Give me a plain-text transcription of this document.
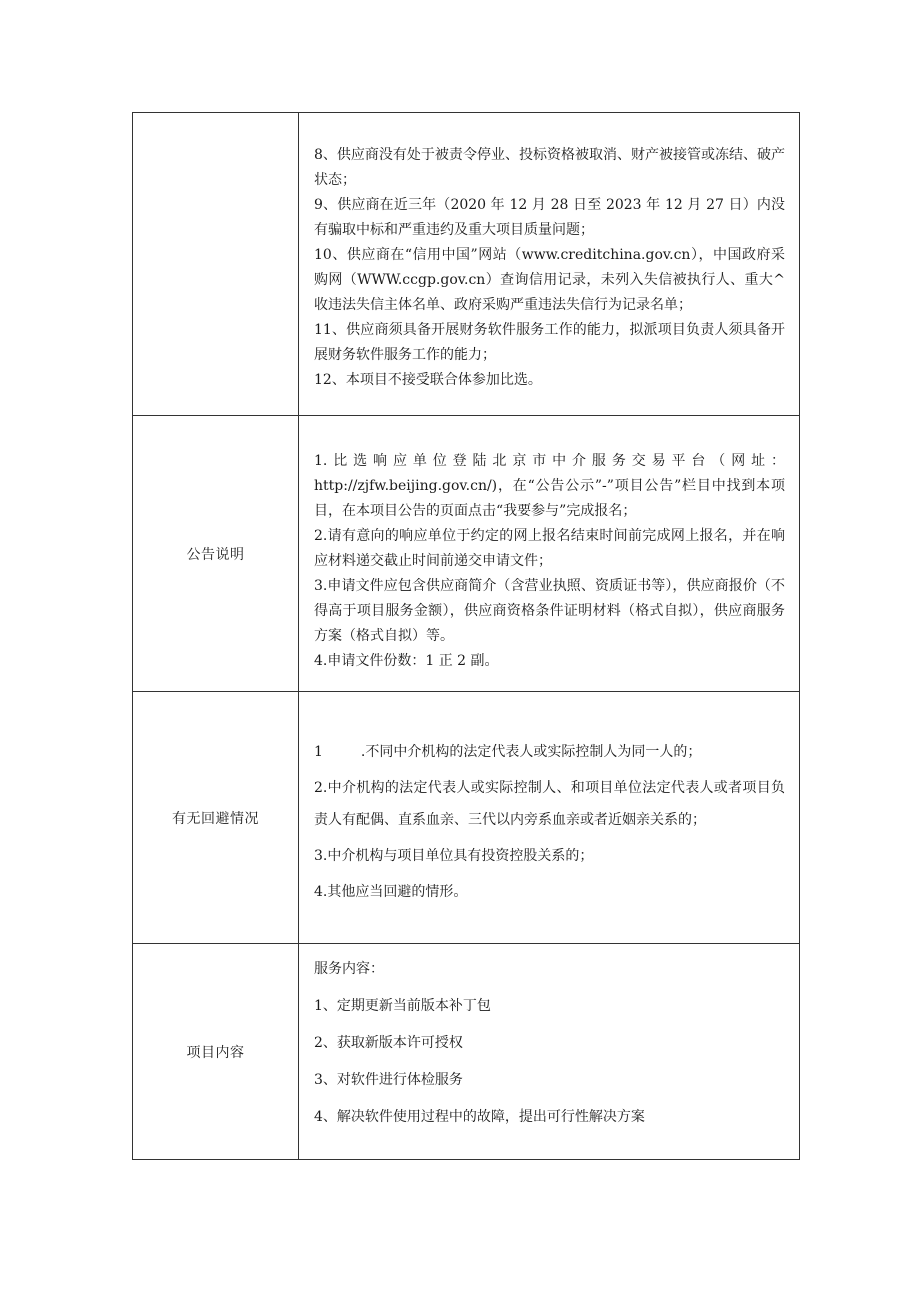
	8、供应商没有处于被责令停业、投标资格被取消、财产被接管或冻结、破产状态；

9、供应商在近三年（2020 年 12 月 28 日至 2023 年 12 月 27 日）内没有骗取中标和严重违约及重大项目质量问题；

10、供应商在“信用中国”网站（www.creditchina.gov.cn），中国政府采购网（WWW.ccgp.gov.cn）查询信用记录，未列入失信被执行人、重大^收违法失信主体名单、政府采购严重违法失信行为记录名单；

11、供应商须具备开展财务软件服务工作的能力，拟派项目负责人须具备开展财务软件服务工作的能力；

12、本项目不接受联合体参加比选。

公告说明	1.比选响应单位登陆北京市中介服务交易平台（网址：

http://zjfw.beijing.gov.cn/)，在“公告公示”-”项目公告”栏目中找到本项目，在本项目公告的页面点击“我要参与”完成报名；

2.请有意向的响应单位于约定的网上报名结束时间前完成网上报名，并在响应材料递交截止时间前递交申请文件；

3.申请文件应包含供应商简介（含营业执照、资质证书等），供应商报价（不得高于项目服务金额），供应商资格条件证明材料（格式自拟），供应商服务方案（格式自拟）等。

4.申请文件份数：1 正 2 副。

有无回避情况	1 .不同中介机构的法定代表人或实际控制人为同一人的；

2.中介机构的法定代表人或实际控制人、和项目单位法定代表人或者项目负责人有配偶、直系血亲、三代以内旁系血亲或者近姻亲关系的；

3.中介机构与项目单位具有投资控股关系的；

4.其他应当回避的情形。

项目内容	服务内容：

1、定期更新当前版本补丁包

2、获取新版本许可授权

3、对软件进行体检服务

4、解决软件使用过程中的故障，提出可行性解决方案
